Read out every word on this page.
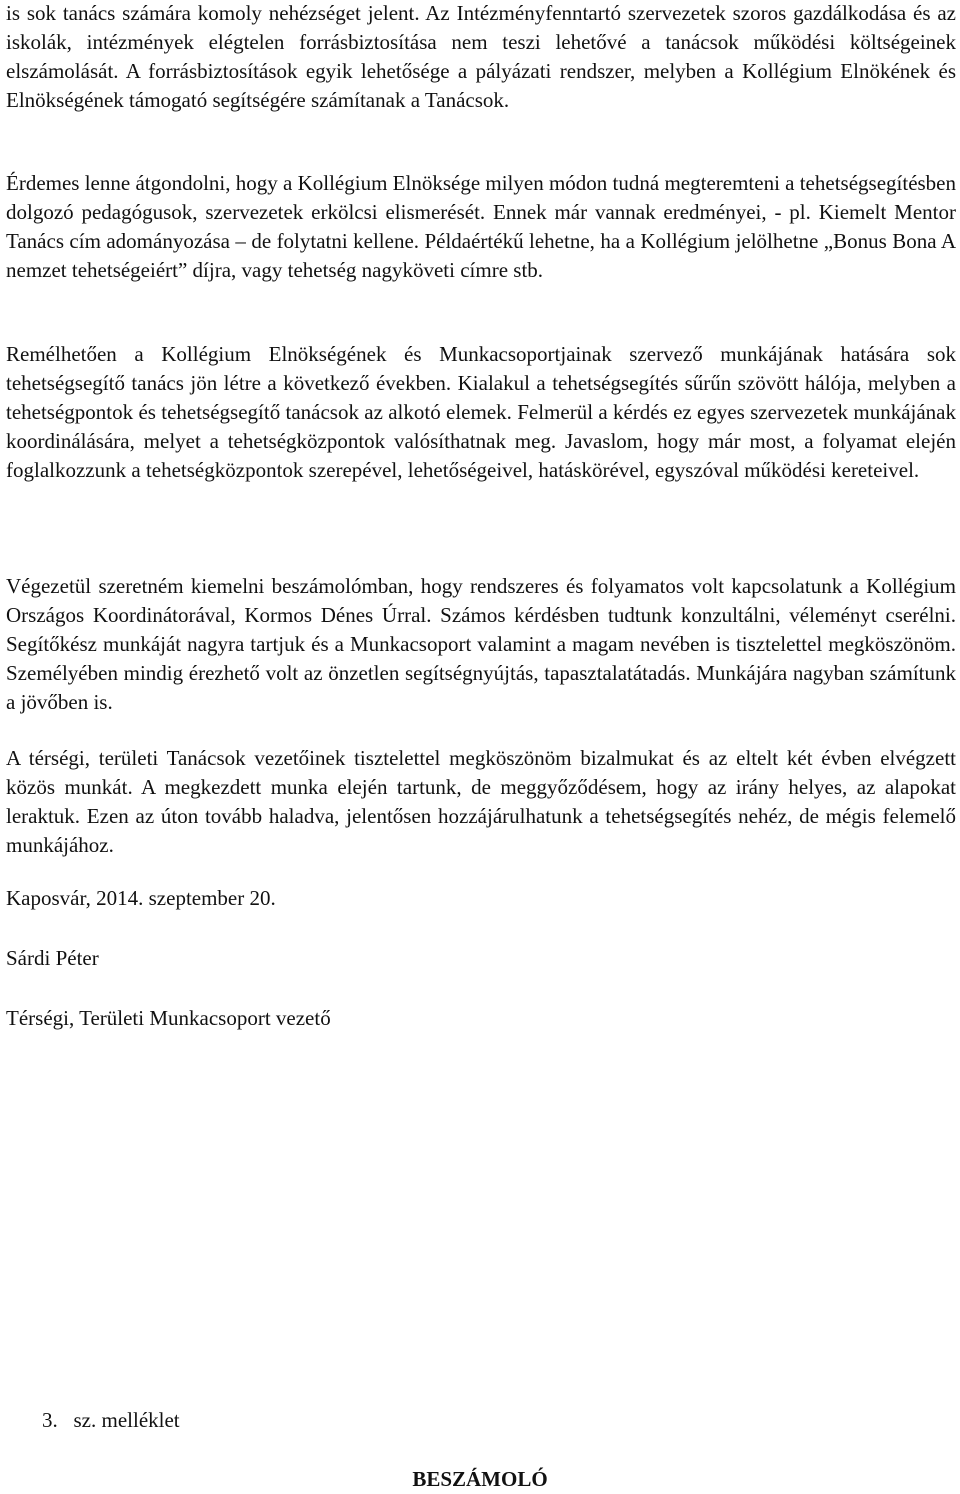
is sok tanács számára komoly nehézséget jelent. Az Intézményfenntartó szervezetek szoros gazdálkodása és az iskolák, intézmények elégtelen forrásbiztosítása nem teszi lehetővé a tanácsok működési költségeinek elszámolását. A forrásbiztosítások egyik lehetősége a pályázati rendszer, melyben a Kollégium Elnökének és Elnökségének támogató segítségére számítanak a Tanácsok.

Érdemes lenne átgondolni, hogy a Kollégium Elnöksége milyen módon tudná megteremteni a tehetségsegítésben dolgozó pedagógusok, szervezetek erkölcsi elismerését. Ennek már vannak eredményei, - pl. Kiemelt Mentor Tanács cím adományozása – de folytatni kellene. Példaértékű lehetne, ha a Kollégium jelölhetne „Bonus Bona A nemzet tehetségeiért” díjra, vagy tehetség nagyköveti címre stb.

Remélhetően a Kollégium Elnökségének és Munkacsoportjainak szervező munkájának hatására sok tehetségsegítő tanács jön létre a következő években. Kialakul a tehetségsegítés sűrűn szövött hálója, melyben a tehetségpontok és tehetségsegítő tanácsok az alkotó elemek. Felmerül a kérdés ez egyes szervezetek munkájának koordinálására, melyet a tehetségközpontok valósíthatnak meg. Javaslom, hogy már most, a folyamat elején foglalkozzunk a tehetségközpontok szerepével, lehetőségeivel, hatáskörével, egyszóval működési kereteivel.

Végezetül szeretném kiemelni beszámolómban, hogy rendszeres és folyamatos volt kapcsolatunk a Kollégium Országos Koordinátorával, Kormos Dénes Úrral. Számos kérdésben tudtunk konzultálni, véleményt cserélni. Segítőkész munkáját nagyra tartjuk és a Munkacsoport valamint a magam nevében is tisztelettel megköszönöm. Személyében mindig érezhető volt az önzetlen segítségnyújtás, tapasztalatátadás. Munkájára nagyban számítunk a jövőben is.

A térségi, területi Tanácsok vezetőinek tisztelettel megköszönöm bizalmukat és az eltelt két évben elvégzett közös munkát. A megkezdett munka elején tartunk, de meggyőződésem, hogy az irány helyes, az alapokat leraktuk. Ezen az úton tovább haladva, jelentősen hozzájárulhatunk a tehetségsegítés nehéz, de mégis felemelő munkájához.

Kaposvár, 2014. szeptember 20.

Sárdi Péter

Térségi, Területi Munkacsoport vezető

3.   sz. melléklet

BESZÁMOLÓ
